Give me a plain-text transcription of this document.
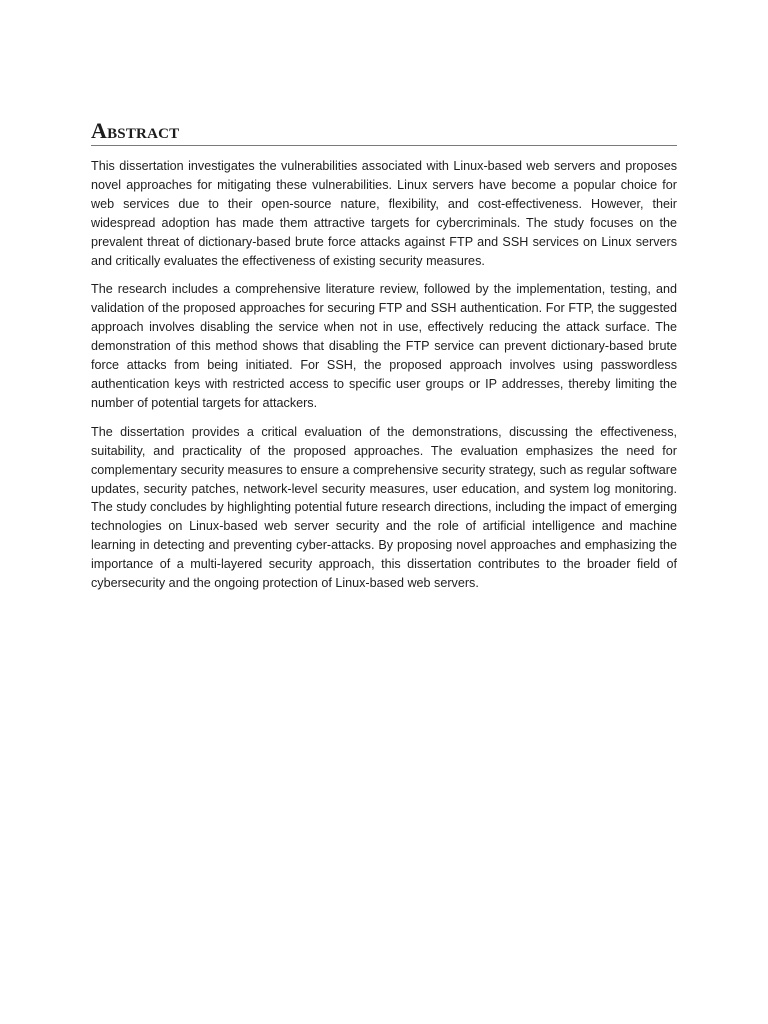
Abstract

This dissertation investigates the vulnerabilities associated with Linux-based web servers and proposes novel approaches for mitigating these vulnerabilities. Linux servers have become a popular choice for web services due to their open-source nature, flexibility, and cost-effectiveness. However, their widespread adoption has made them attractive targets for cybercriminals. The study focuses on the prevalent threat of dictionary-based brute force attacks against FTP and SSH services on Linux servers and critically evaluates the effectiveness of existing security measures.

The research includes a comprehensive literature review, followed by the implementation, testing, and validation of the proposed approaches for securing FTP and SSH authentication. For FTP, the suggested approach involves disabling the service when not in use, effectively reducing the attack surface. The demonstration of this method shows that disabling the FTP service can prevent dictionary-based brute force attacks from being initiated. For SSH, the proposed approach involves using passwordless authentication keys with restricted access to specific user groups or IP addresses, thereby limiting the number of potential targets for attackers.

The dissertation provides a critical evaluation of the demonstrations, discussing the effectiveness, suitability, and practicality of the proposed approaches. The evaluation emphasizes the need for complementary security measures to ensure a comprehensive security strategy, such as regular software updates, security patches, network-level security measures, user education, and system log monitoring. The study concludes by highlighting potential future research directions, including the impact of emerging technologies on Linux-based web server security and the role of artificial intelligence and machine learning in detecting and preventing cyber-attacks. By proposing novel approaches and emphasizing the importance of a multi-layered security approach, this dissertation contributes to the broader field of cybersecurity and the ongoing protection of Linux-based web servers.
